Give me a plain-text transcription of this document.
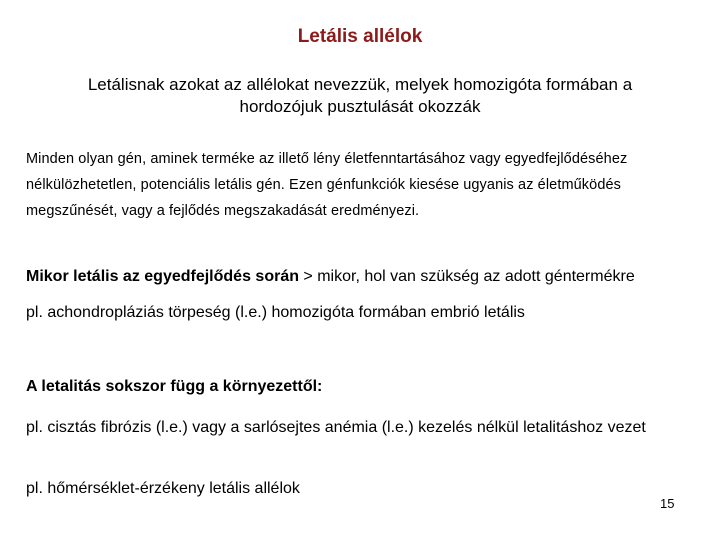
Letális allélok
Letálisnak azokat az allélokat nevezzük, melyek homozigóta formában a hordozójuk pusztulását okozzák
Minden olyan gén, aminek terméke az illető lény életfenntartásához vagy egyedfejlődéséhez nélkülözhetetlen, potenciális letális gén. Ezen génfunkciók kiesése ugyanis az életműködés megszűnését, vagy a fejlődés megszakadását eredményezi.
Mikor letális az egyedfejlődés során > mikor, hol van szükség az adott géntermékre
pl. achondropláziás törpeség (l.e.) homozigóta formában embrió letális
A letalitás sokszor függ a környezettől:
pl. cisztás fibrózis (l.e.) vagy a sarlósejtes anémia (l.e.) kezelés nélkül letalitáshoz vezet
pl. hőmérséklet-érzékeny letális allélok
15
